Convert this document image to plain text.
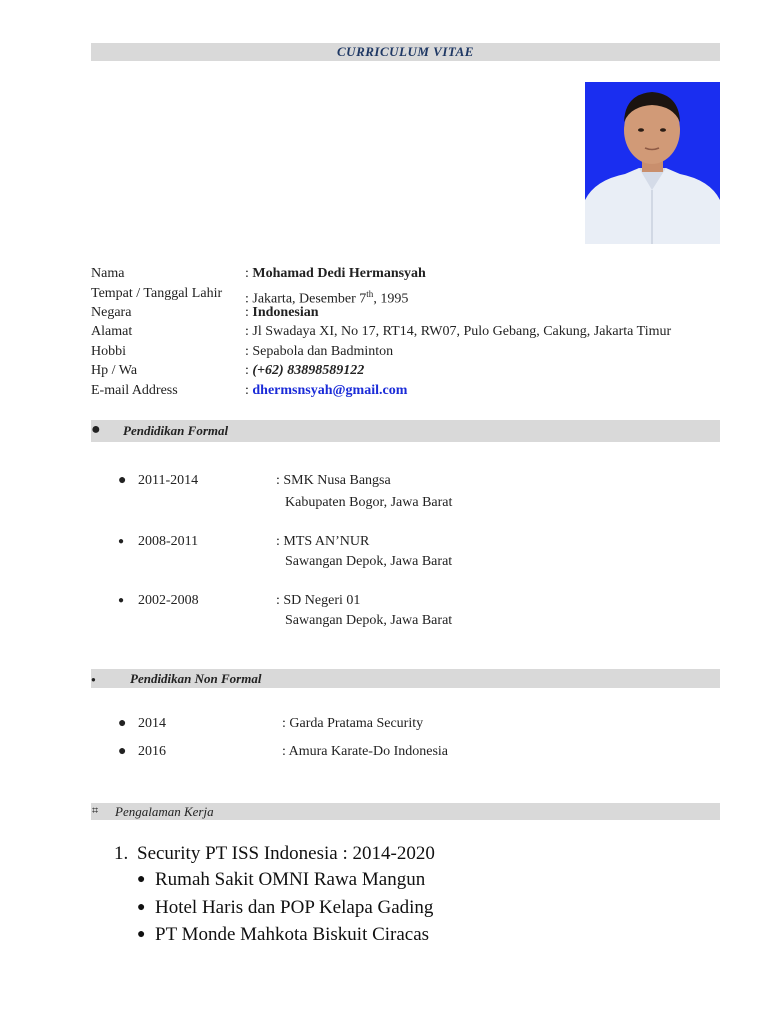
CURRICULUM VITAE
Nama	: Mohamad Dedi Hermansyah
Tempat / Tanggal Lahir : Jakarta, Desember 7th, 1995
Negara	: Indonesian
Alamat	: Jl Swadaya XI, No 17, RT14, RW07, Pulo Gebang, Cakung, Jakarta Timur
Hobbi	: Sepabola dan Badminton
Hp / Wa	: (+62) 83898589122
E-mail Address	: dhermsnsyah@gmail.com
● Pendidikan Formal
● 2011-2014	: SMK Nusa Bangsa
Kabupaten Bogor, Jawa Barat
● 2008-2011	: MTS AN’NUR
Sawangan Depok, Jawa Barat
● 2002-2008	: SD Negeri 01
Sawangan Depok, Jawa Barat
●	Pendidikan Non Formal
● 2014	: Garda Pratama Security
● 2016	: Amura Karate-Do Indonesia
⌗ Pengalaman Kerja
1. Security PT ISS Indonesia : 2014-2020
● Rumah Sakit OMNI Rawa Mangun
● Hotel Haris dan POP Kelapa Gading
● PT Monde Mahkota Biskuit Ciracas
